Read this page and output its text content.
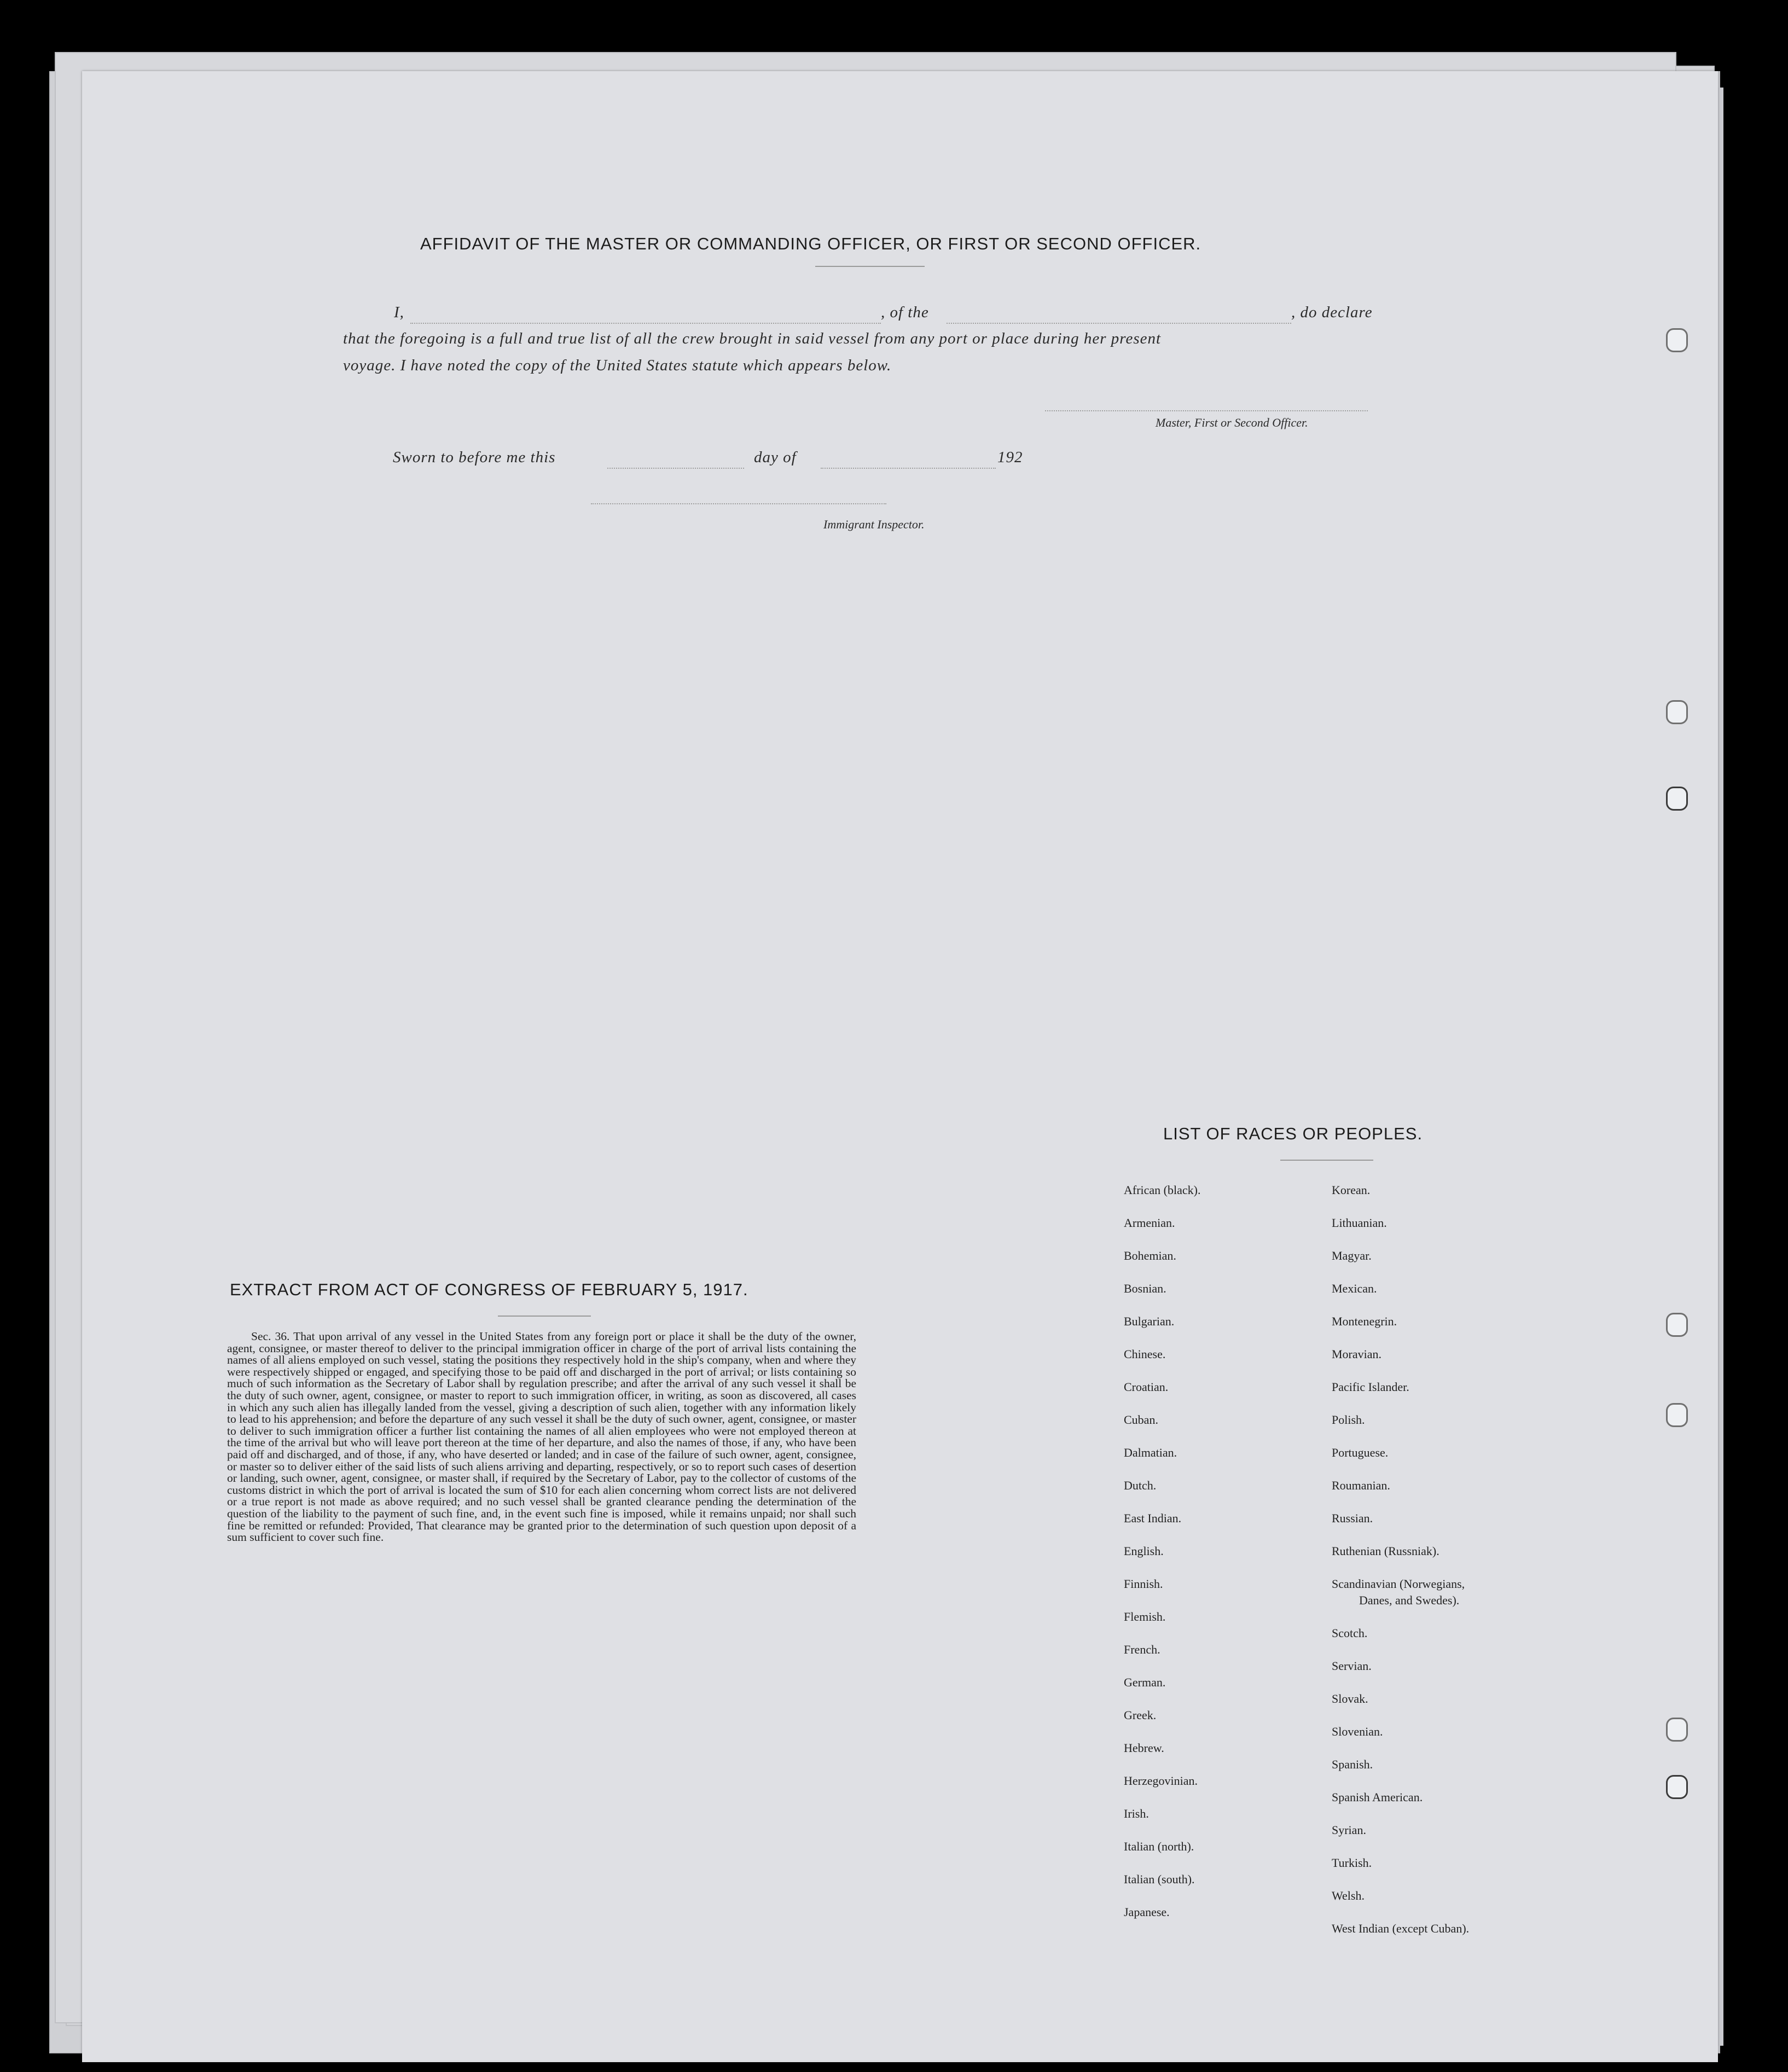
AFFIDAVIT OF THE MASTER OR COMMANDING OFFICER, OR FIRST OR SECOND OFFICER.
I,	, of the	, do declare
that the foregoing is a full and true list of all the crew brought in said vessel from any port or place during her present
voyage. I have noted the copy of the United States statute which appears below.
Master, First or Second Officer.
Sworn to before me this	day of	192
Immigrant Inspector.
EXTRACT FROM ACT OF CONGRESS OF FEBRUARY 5, 1917.

Sec. 36. That upon arrival of any vessel in the United States from any foreign port or place it shall be the duty of the owner, agent, consignee, or master thereof to deliver to the principal immigration officer in charge of the port of arrival lists containing the names of all aliens employed on such vessel, stating the positions they respectively hold in the ship's company, when and where they were respectively shipped or engaged, and specifying those to be paid off and discharged in the port of arrival; or lists containing so much of such information as the Secretary of Labor shall by regulation prescribe; and after the arrival of any such vessel it shall be the duty of such owner, agent, consignee, or master to report to such immigration officer, in writing, as soon as discovered, all cases in which any such alien has illegally landed from the vessel, giving a description of such alien, together with any information likely to lead to his apprehension; and before the departure of any such vessel it shall be the duty of such owner, agent, consignee, or master to deliver to such immigration officer a further list containing the names of all alien employees who were not employed thereon at the time of the arrival but who will leave port thereon at the time of her departure, and also the names of those, if any, who have been paid off and discharged, and of those, if any, who have deserted or landed; and in case of the failure of such owner, agent, consignee, or master so to deliver either of the said lists of such aliens arriving and departing, respectively, or so to report such cases of desertion or landing, such owner, agent, consignee, or master shall, if required by the Secretary of Labor, pay to the collector of customs of the customs district in which the port of arrival is located the sum of $10 for each alien concerning whom correct lists are not delivered or a true report is not made as above required; and no such vessel shall be granted clearance pending the determination of the question of the liability to the payment of such fine, and, in the event such fine is imposed, while it remains unpaid; nor shall such fine be remitted or refunded: Provided, That clearance may be granted prior to the determination of such question upon deposit of a sum sufficient to cover such fine.

LIST OF RACES OR PEOPLES.
African (black).
Armenian.
Bohemian.
Bosnian.
Bulgarian.
Chinese.
Croatian.
Cuban.
Dalmatian.
Dutch.
East Indian.
English.
Finnish.
Flemish.
French.
German.
Greek.
Hebrew.
Herzegovinian.
Irish.
Italian (north).
Italian (south).
Japanese.
Korean.
Lithuanian.
Magyar.
Mexican.
Montenegrin.
Moravian.
Pacific Islander.
Polish.
Portuguese.
Roumanian.
Russian.
Ruthenian (Russniak).
Scandinavian (Norwegians,
Danes, and Swedes).
Scotch.
Servian.
Slovak.
Slovenian.
Spanish.
Spanish American.
Syrian.
Turkish.
Welsh.
West Indian (except Cuban).
